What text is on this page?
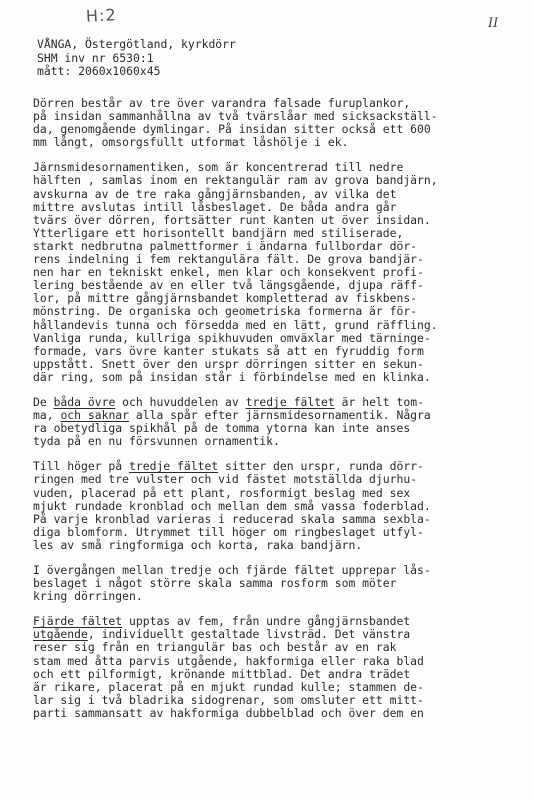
H:2	II
VÅNGA, Östergötland, kyrkdörr
SHM inv nr 6530:1
mått: 2060x1060x45
Dörren består av tre över varandra falsade furuplankor,
på insidan sammanhållna av två tvärslåar med sicksackställ-
da, genomgående dymlingar. På insidan sitter också ett 600
mm långt, omsorgsfullt utformat låshölje i ek.
Järnsmidesornamentiken, som är koncentrerad till nedre
hälften , samlas inom en rektangulär ram av grova bandjärn,
avskurna av de tre raka gångjärnsbanden, av vilka det
mittre avslutas intill låsbeslaget. De båda andra går
tvärs över dörren, fortsätter runt kanten ut över insidan.
Ytterligare ett horisontellt bandjärn med stiliserade,
starkt nedbrutna palmettformer i ändarna fullbordar dör-
rens indelning i fem rektangulära fält. De grova bandjär-
nen har en tekniskt enkel, men klar och konsekvent profi-
lering bestående av en eller två längsgående, djupa räff-
lor, på mittre gångjärnsbandet kompletterad av fiskbens-
mönstring. De organiska och geometriska formerna är för-
hållandevis tunna och försedda med en lätt, grund räffling.
Vanliga runda, kullriga spikhuvuden omväxlar med tärninge-
formade, vars övre kanter stukats så att en fyruddig form
uppstått. Snett över den urspr dörringen sitter en sekun-
där ring, som på insidan står i förbindelse med en klinka.
De båda övre och huvuddelen av tredje fältet är helt tom-
ma, och saknar alla spår efter järnsmidesornamentik. Några
ra obetydliga spikhål på de tomma ytorna kan inte anses
tyda på en nu försvunnen ornamentik.
Till höger på tredje fältet sitter den urspr, runda dörr-
ringen med tre vulster och vid fästet motställda djurhu-
vuden, placerad på ett plant, rosformigt beslag med sex
mjukt rundade kronblad och mellan dem små vassa foderblad.
På varje kronblad varieras i reducerad skala samma sexbla-
diga blomform. Utrymmet till höger om ringbeslaget utfyl-
les av små ringformiga och korta, raka bandjärn.
I övergången mellan tredje och fjärde fältet upprepar lås-
beslaget i något större skala samma rosform som möter
kring dörringen.
Fjärde fältet upptas av fem, från undre gångjärnsbandet
utgående, individuellt gestaltade livsträd. Det vänstra
reser sig från en triangulär bas och består av en rak
stam med åtta parvis utgående, hakformiga eller raka blad
och ett pilformigt, krönande mittblad. Det andra trädet
är rikare, placerat på en mjukt rundad kulle; stammen de-
lar sig i två bladrika sidogrenar, som omsluter ett mitt-
parti sammansatt av hakformiga dubbelblad och över dem en
